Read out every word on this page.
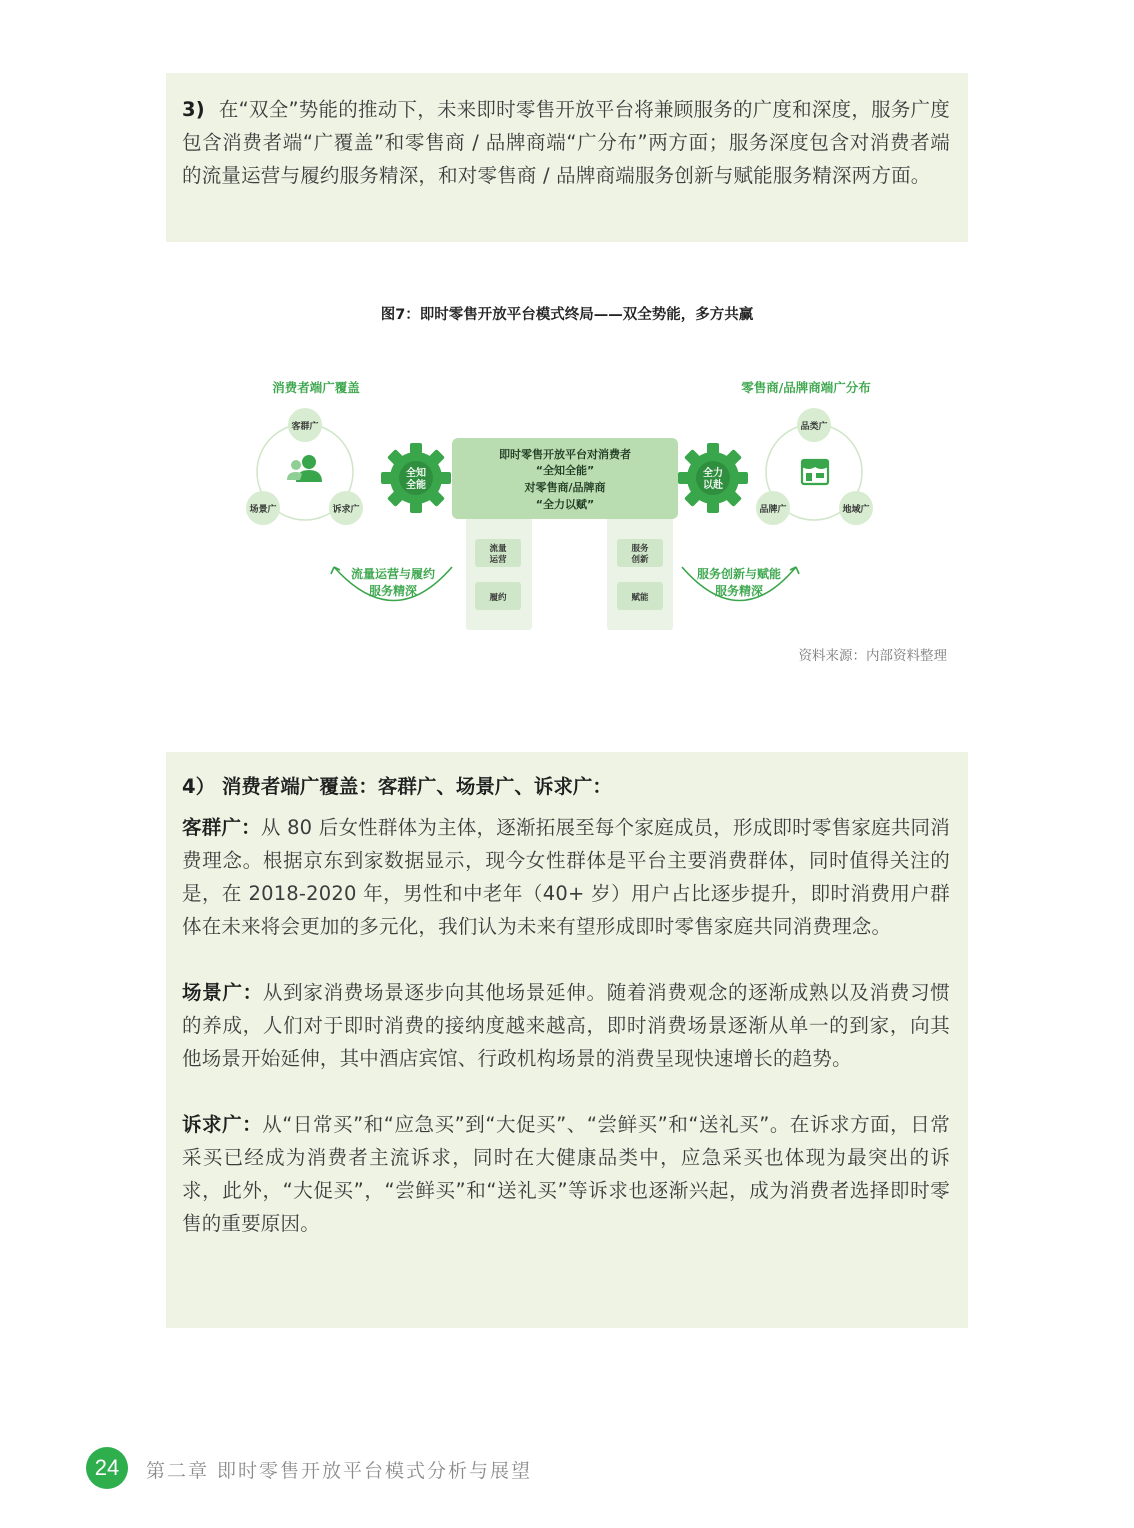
3) 在“双全”势能的推动下，未来即时零售开放平台将兼顾服务的广度和深度，服务广度包含消费者端“广覆盖”和零售商 / 品牌商端“广分布”两方面；服务深度包含对消费者端的流量运营与履约服务精深，和对零售商 / 品牌商端服务创新与赋能服务精深两方面。

图7：即时零售开放平台模式终局——双全势能，多方共赢
消费者端广覆盖	零售商/品牌商端广分布
客群广
场景广	诉求广
全知
全能
即时零售开放平台对消费者
“全知全能”
对零售商/品牌商
“全力以赋”
流量
运营
履约
服务
创新
赋能
全力
以赴
品类广
品牌广	地域广
流量运营与履约
服务精深
服务创新与赋能
服务精深
资料来源：内部资料整理

4） 消费者端广覆盖：客群广、场景广、诉求广：

客群广：从 80 后女性群体为主体，逐渐拓展至每个家庭成员，形成即时零售家庭共同消费理念。根据京东到家数据显示，现今女性群体是平台主要消费群体，同时值得关注的是，在 2018-2020 年，男性和中老年（40+ 岁）用户占比逐步提升，即时消费用户群体在未来将会更加的多元化，我们认为未来有望形成即时零售家庭共同消费理念。

场景广：从到家消费场景逐步向其他场景延伸。随着消费观念的逐渐成熟以及消费习惯的养成，人们对于即时消费的接纳度越来越高，即时消费场景逐渐从单一的到家，向其他场景开始延伸，其中酒店宾馆、行政机构场景的消费呈现快速增长的趋势。

诉求广：从“日常买”和“应急买”到“大促买”、“尝鲜买”和“送礼买”。在诉求方面，日常采买已经成为消费者主流诉求，同时在大健康品类中，应急采买也体现为最突出的诉求，此外，“大促买”，“尝鲜买”和“送礼买”等诉求也逐渐兴起，成为消费者选择即时零售的重要原因。

24	第二章 即时零售开放平台模式分析与展望
